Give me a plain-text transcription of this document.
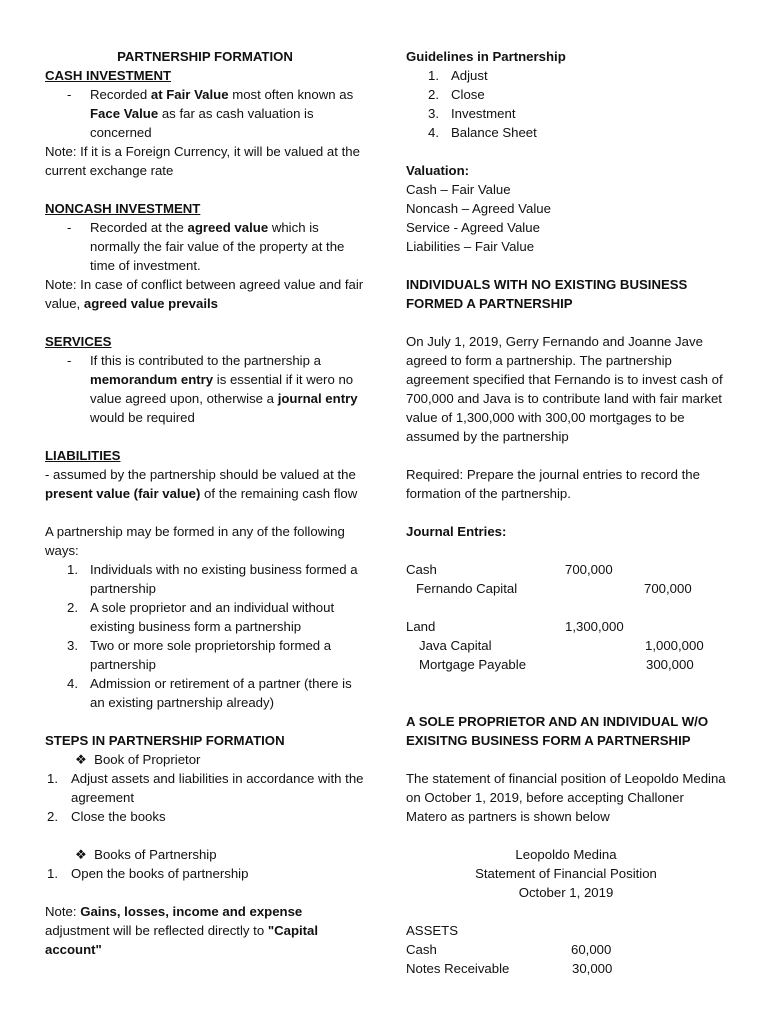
PARTNERSHIP FORMATION

CASH INVESTMENT

- Recorded at Fair Value most often known as Face Value as far as cash valuation is concerned

Note: If it is a Foreign Currency, it will be valued at the current exchange rate

NONCASH INVESTMENT

- Recorded at the agreed value which is normally the fair value of the property at the time of investment.

Note: In case of conflict between agreed value and fair value, agreed value prevails

SERVICES

- If this is contributed to the partnership a memorandum entry is essential if it wero no value agreed upon, otherwise a journal entry would be required

LIABILITIES

- assumed by the partnership should be valued at the present value (fair value) of the remaining cash flow

A partnership may be formed in any of the following ways:

1. Individuals with no existing business formed a partnership
2. A sole proprietor and an individual without existing business form a partnership
3. Two or more sole proprietorship formed a partnership
4. Admission or retirement of a partner (there is an existing partnership already)

STEPS IN PARTNERSHIP FORMATION

❖ Book of Proprietor

1. Adjust assets and liabilities in accordance with the agreement
2. Close the books

❖ Books of Partnership

1. Open the books of partnership

Note: Gains, losses, income and expense adjustment will be reflected directly to "Capital account"

Guidelines in Partnership

1. Adjust
2. Close
3. Investment
4. Balance Sheet

Valuation:

Cash – Fair Value

Noncash – Agreed Value

Service - Agreed Value

Liabilities – Fair Value

INDIVIDUALS WITH NO EXISTING BUSINESS FORMED A PARTNERSHIP

On July 1, 2019, Gerry Fernando and Joanne Jave agreed to form a partnership. The partnership agreement specified that Fernando is to invest cash of 700,000 and Java is to contribute land with fair market value of 1,300,000 with 300,00 mortgages to be assumed by the partnership

Required: Prepare the journal entries to record the formation of the partnership.

Journal Entries:

Cash	700,000
Fernando Capital	700,000
Land	1,300,000
Java Capital	1,000,000
Mortgage Payable	300,000

A SOLE PROPRIETOR AND AN INDIVIDUAL W/O EXISITNG BUSINESS FORM A PARTNERSHIP

The statement of financial position of Leopoldo Medina on October 1, 2019, before accepting Challoner Matero as partners is shown below

Leopoldo Medina

Statement of Financial Position

October 1, 2019

ASSETS

Cash	60,000
Notes Receivable	30,000
